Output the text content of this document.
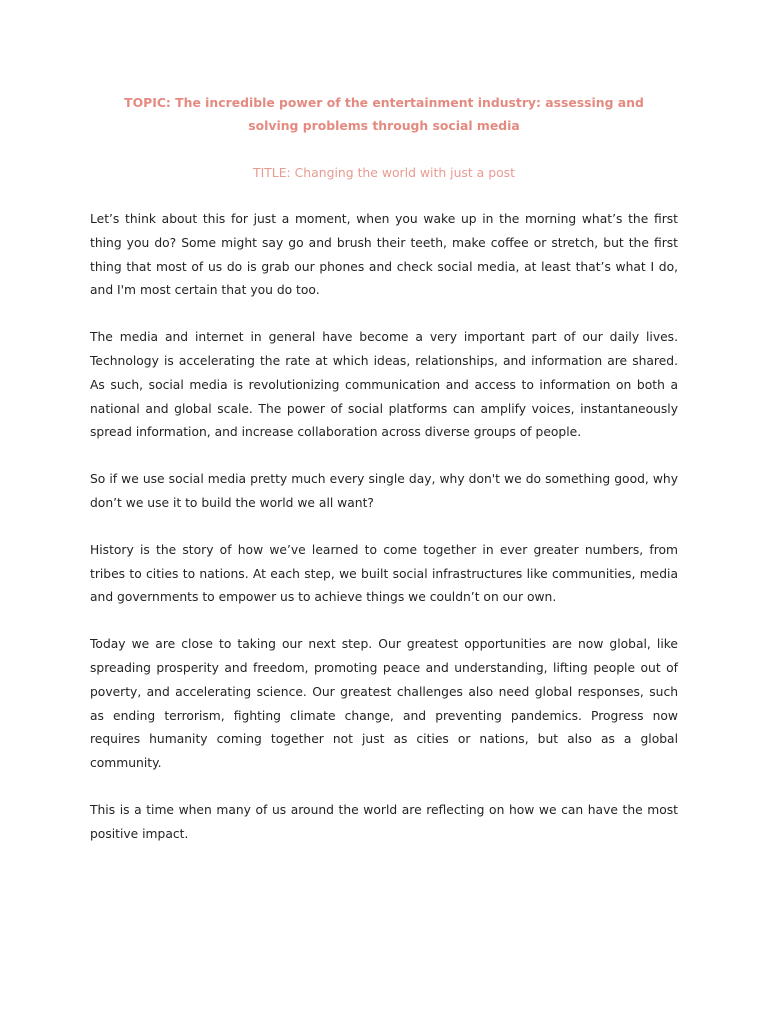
TOPIC: The incredible power of the entertainment industry: assessing and solving problems through social media

TITLE: Changing the world with just a post

Let’s think about this for just a moment, when you wake up in the morning what’s the first thing you do? Some might say go and brush their teeth, make coffee or stretch, but the first thing that most of us do is grab our phones and check social media, at least that’s what I do, and I'm most certain that you do too.

The media and internet in general have become a very important part of our daily lives. Technology is accelerating the rate at which ideas, relationships, and information are shared. As such, social media is revolutionizing communication and access to information on both a national and global scale. The power of social platforms can amplify voices, instantaneously spread information, and increase collaboration across diverse groups of people.

So if we use social media pretty much every single day, why don't we do something good, why don’t we use it to build the world we all want?

History is the story of how we’ve learned to come together in ever greater numbers, from tribes to cities to nations. At each step, we built social infrastructures like communities, media and governments to empower us to achieve things we couldn’t on our own.

Today we are close to taking our next step. Our greatest opportunities are now global, like spreading prosperity and freedom, promoting peace and understanding, lifting people out of poverty, and accelerating science. Our greatest challenges also need global responses, such as ending terrorism, fighting climate change, and preventing pandemics. Progress now requires humanity coming together not just as cities or nations, but also as a global community.

This is a time when many of us around the world are reflecting on how we can have the most positive impact.
